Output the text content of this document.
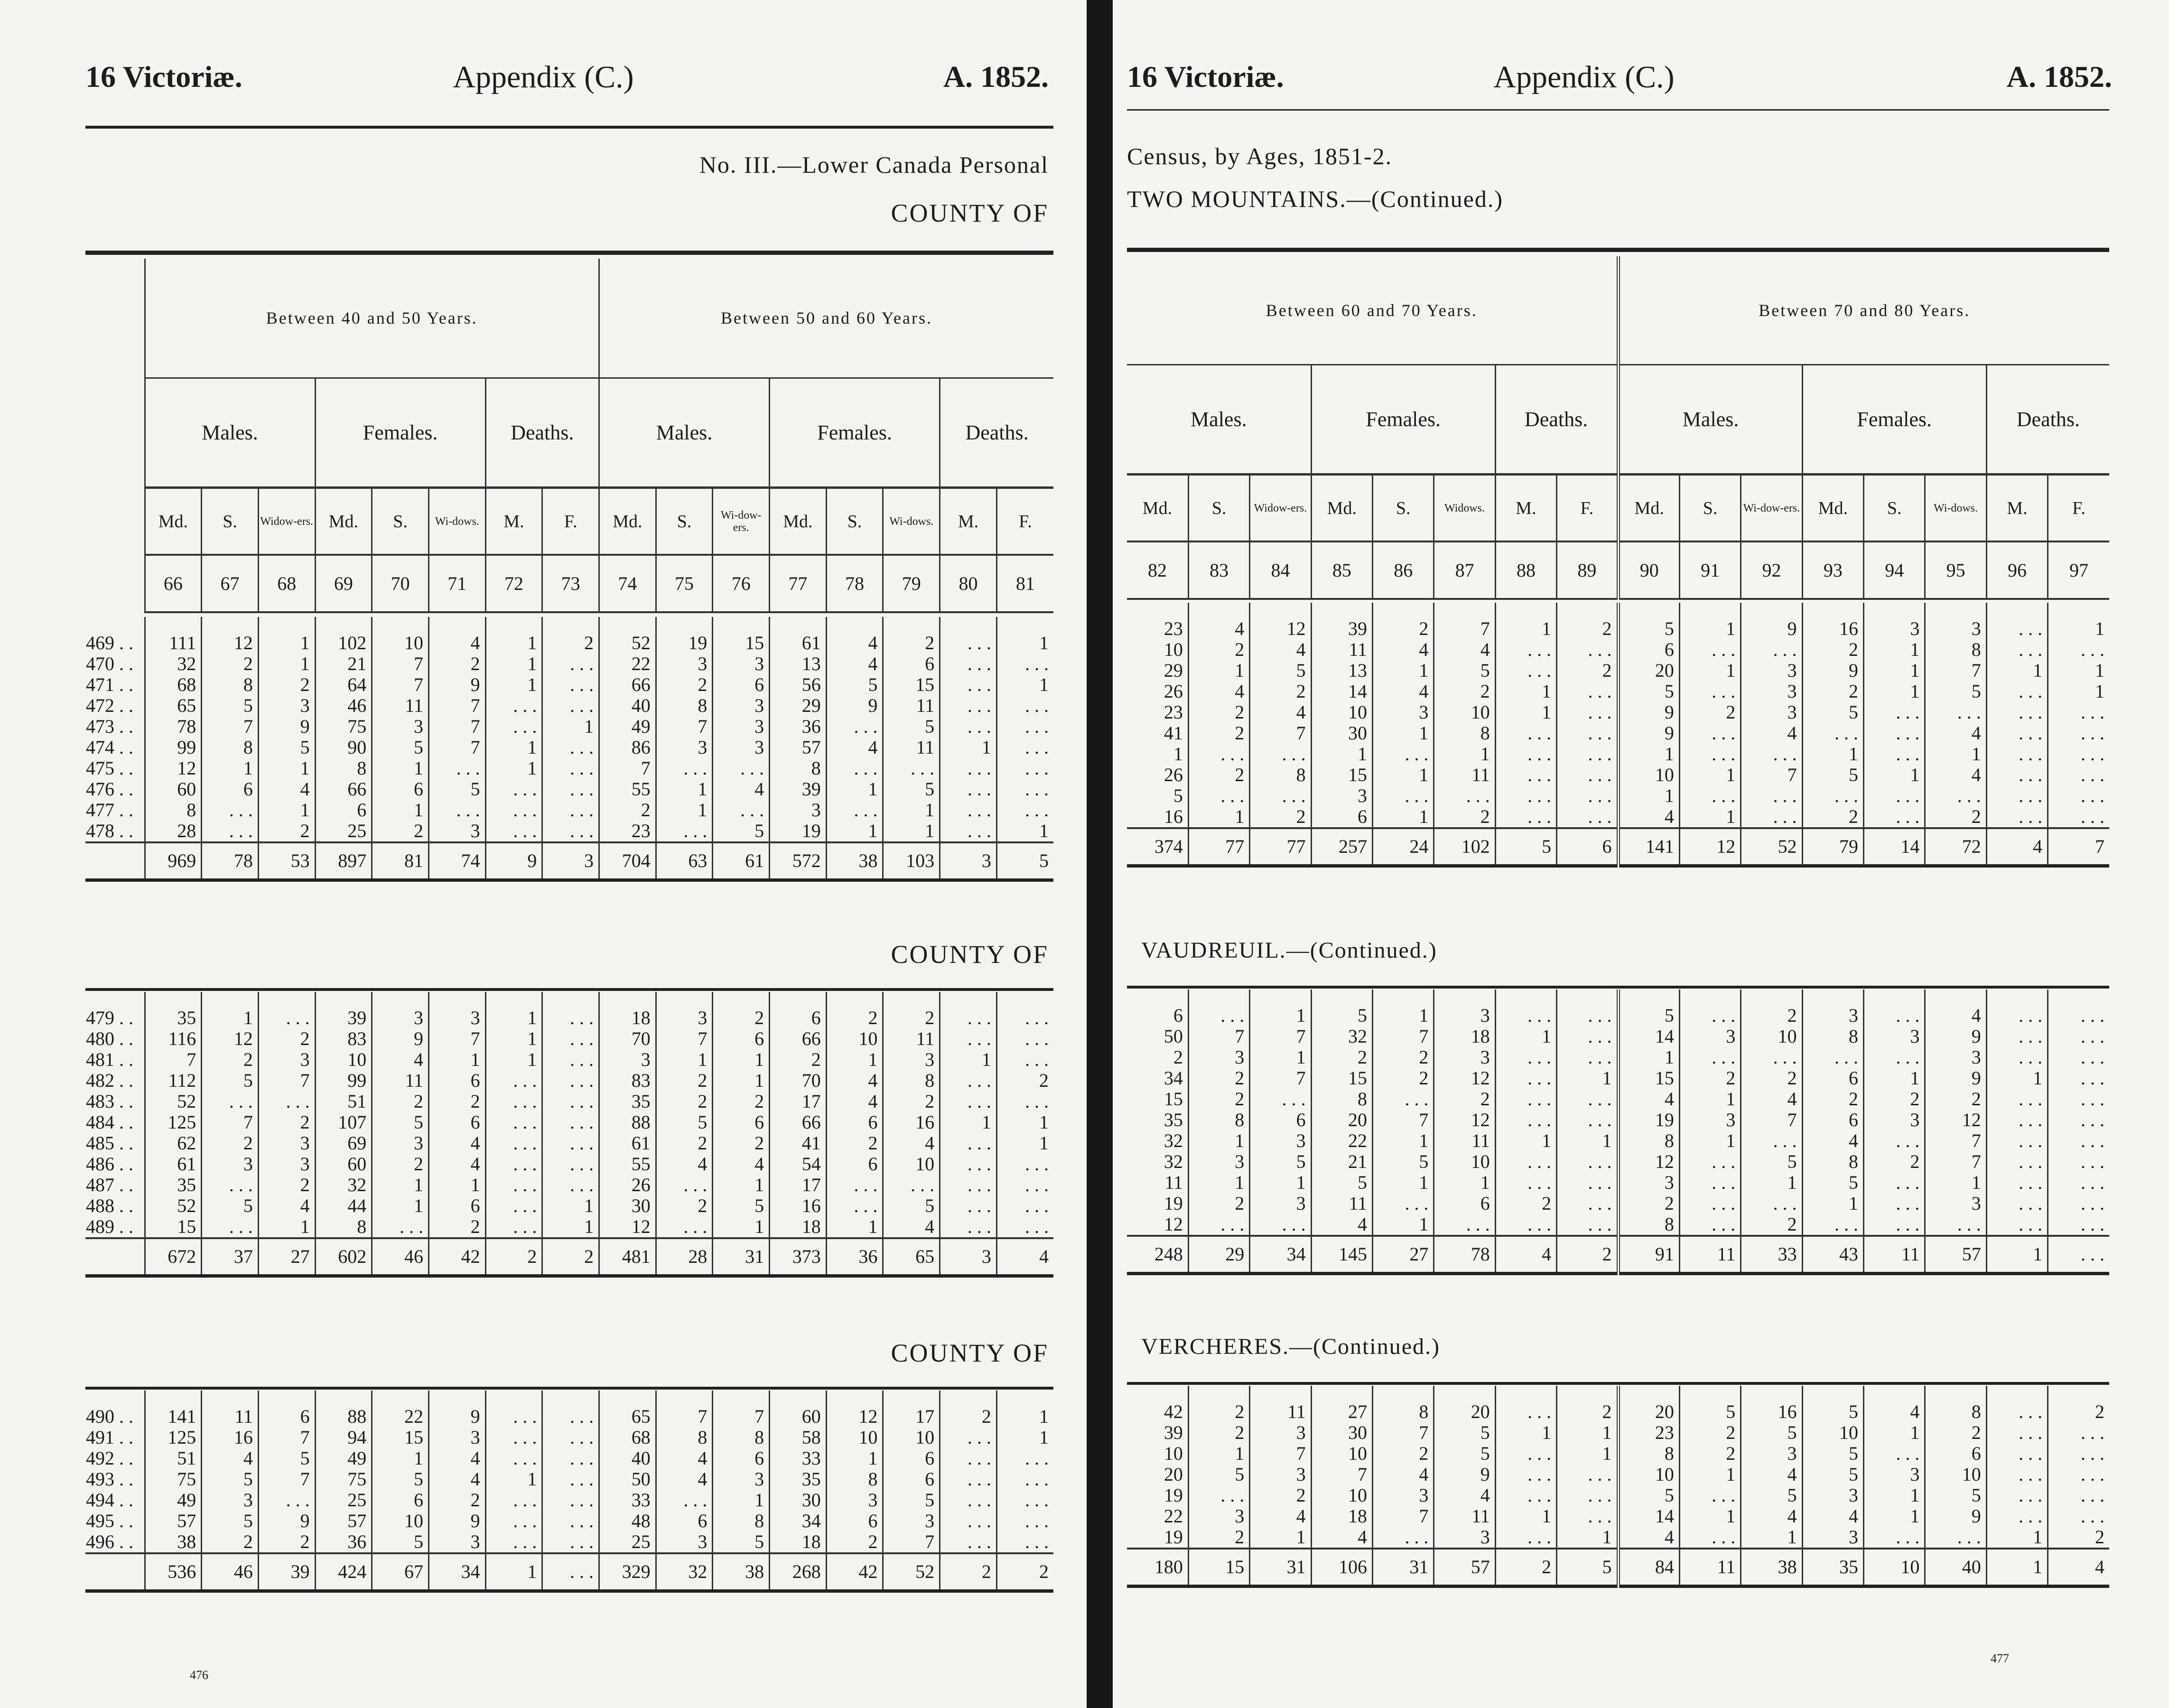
16 Victoriæ.	Appendix (C.)	A. 1852.
No. III.—Lower Canada Personal
COUNTY OF
	Between 40 and 50 Years.								Between 50 and 60 Years.							
	Males.			Females.			Deaths.		Males.			Females.			Deaths.	
	Md.	S.	Widow-ers.	Md.	S.	Wi-dows.	M.	F.	Md.	S.	Wi-dow-ers.	Md.	S.	Wi-dows.	M.	F.
	66	67	68	69	70	71	72	73	74	75	76	77	78	79	80	81
476
469 . .	111	12	1	102	10	4	1	2	52	19	15	61	4	2	. . .	1
470 . .	32	2	1	21	7	2	1	. . .	22	3	3	13	4	6	. . .	. . .
471 . .	68	8	2	64	7	9	1	. . .	66	2	6	56	5	15	. . .	1
472 . .	65	5	3	46	11	7	. . .	. . .	40	8	3	29	9	11	. . .	. . .
473 . .	78	7	9	75	3	7	. . .	1	49	7	3	36	. . .	5	. . .	. . .
474 . .	99	8	5	90	5	7	1	. . .	86	3	3	57	4	11	1	. . .
475 . .	12	1	1	8	1	. . .	1	. . .	7	. . .	. . .	8	. . .	. . .	. . .	. . .
476 . .	60	6	4	66	6	5	. . .	. . .	55	1	4	39	1	5	. . .	. . .
477 . .	8	. . .	1	6	1	. . .	. . .	. . .	2	1	. . .	3	. . .	1	. . .	. . .
478 . .	28	. . .	2	25	2	3	. . .	. . .	23	. . .	5	19	1	1	. . .	1
	969	78	53	897	81	74	9	3	704	63	61	572	38	103	3	5
COUNTY OF
479 . .	35	1	. . .	39	3	3	1	. . .	18	3	2	6	2	2	. . .	. . .
480 . .	116	12	2	83	9	7	1	. . .	70	7	6	66	10	11	. . .	. . .
481 . .	7	2	3	10	4	1	1	. . .	3	1	1	2	1	3	1	. . .
482 . .	112	5	7	99	11	6	. . .	. . .	83	2	1	70	4	8	. . .	2
483 . .	52	. . .	. . .	51	2	2	. . .	. . .	35	2	2	17	4	2	. . .	. . .
484 . .	125	7	2	107	5	6	. . .	. . .	88	5	6	66	6	16	1	1
485 . .	62	2	3	69	3	4	. . .	. . .	61	2	2	41	2	4	. . .	1
486 . .	61	3	3	60	2	4	. . .	. . .	55	4	4	54	6	10	. . .	. . .
487 . .	35	. . .	2	32	1	1	. . .	. . .	26	. . .	1	17	. . .	. . .	. . .	. . .
488 . .	52	5	4	44	1	6	. . .	1	30	2	5	16	. . .	5	. . .	. . .
489 . .	15	. . .	1	8	. . .	2	. . .	1	12	. . .	1	18	1	4	. . .	. . .
	672	37	27	602	46	42	2	2	481	28	31	373	36	65	3	4
COUNTY OF
490 . .	141	11	6	88	22	9	. . .	. . .	65	7	7	60	12	17	2	1
491 . .	125	16	7	94	15	3	. . .	. . .	68	8	8	58	10	10	. . .	1
492 . .	51	4	5	49	1	4	. . .	. . .	40	4	6	33	1	6	. . .	. . .
493 . .	75	5	7	75	5	4	1	. . .	50	4	3	35	8	6	. . .	. . .
494 . .	49	3	. . .	25	6	2	. . .	. . .	33	. . .	1	30	3	5	. . .	. . .
495 . .	57	5	9	57	10	9	. . .	. . .	48	6	8	34	6	3	. . .	. . .
496 . .	38	2	2	36	5	3	. . .	. . .	25	3	5	18	2	7	. . .	. . .
	536	46	39	424	67	34	1	. . .	329	32	38	268	42	52	2	2
16 Victoriæ.	Appendix (C.)	A. 1852.
Census, by Ages, 1851-2.
TWO MOUNTAINS.—(Continued.)
Between 60 and 70 Years.								Between 70 and 80 Years.							
Males.			Females.			Deaths.		Males.			Females.			Deaths.	
Md.	S.	Widow-ers.	Md.	S.	Widows.	M.	F.	Md.	S.	Wi-dow-ers.	Md.	S.	Wi-dows.	M.	F.
82	83	84	85	86	87	88	89	90	91	92	93	94	95	96	97
477
23	4	12	39	2	7	1	2	5	1	9	16	3	3	. . .	1
10	2	4	11	4	4	. . .	. . .	6	. . .	. . .	2	1	8	. . .	. . .
29	1	5	13	1	5	. . .	2	20	1	3	9	1	7	1	1
26	4	2	14	4	2	1	. . .	5	. . .	3	2	1	5	. . .	1
23	2	4	10	3	10	1	. . .	9	2	3	5	. . .	. . .	. . .	. . .
41	2	7	30	1	8	. . .	. . .	9	. . .	4	. . .	. . .	4	. . .	. . .
1	. . .	. . .	1	. . .	1	. . .	. . .	1	. . .	. . .	1	. . .	1	. . .	. . .
26	2	8	15	1	11	. . .	. . .	10	1	7	5	1	4	. . .	. . .
5	. . .	. . .	3	. . .	. . .	. . .	. . .	1	. . .	. . .	. . .	. . .	. . .	. . .	. . .
16	1	2	6	1	2	. . .	. . .	4	1	. . .	2	. . .	2	. . .	. . .
374	77	77	257	24	102	5	6	141	12	52	79	14	72	4	7
VAUDREUIL.—(Continued.)
6	. . .	1	5	1	3	. . .	. . .	5	. . .	2	3	. . .	4	. . .	. . .
50	7	7	32	7	18	1	. . .	14	3	10	8	3	9	. . .	. . .
2	3	1	2	2	3	. . .	. . .	1	. . .	. . .	. . .	. . .	3	. . .	. . .
34	2	7	15	2	12	. . .	1	15	2	2	6	1	9	1	. . .
15	2	. . .	8	. . .	2	. . .	. . .	4	1	4	2	2	2	. . .	. . .
35	8	6	20	7	12	. . .	. . .	19	3	7	6	3	12	. . .	. . .
32	1	3	22	1	11	1	1	8	1	. . .	4	. . .	7	. . .	. . .
32	3	5	21	5	10	. . .	. . .	12	. . .	5	8	2	7	. . .	. . .
11	1	1	5	1	1	. . .	. . .	3	. . .	1	5	. . .	1	. . .	. . .
19	2	3	11	. . .	6	2	. . .	2	. . .	. . .	1	. . .	3	. . .	. . .
12	. . .	. . .	4	1	. . .	. . .	. . .	8	. . .	2	. . .	. . .	. . .	. . .	. . .
248	29	34	145	27	78	4	2	91	11	33	43	11	57	1	. . .
VERCHERES.—(Continued.)
42	2	11	27	8	20	. . .	2	20	5	16	5	4	8	. . .	2
39	2	3	30	7	5	1	1	23	2	5	10	1	2	. . .	. . .
10	1	7	10	2	5	. . .	1	8	2	3	5	. . .	6	. . .	. . .
20	5	3	7	4	9	. . .	. . .	10	1	4	5	3	10	. . .	. . .
19	. . .	2	10	3	4	. . .	. . .	5	. . .	5	3	1	5	. . .	. . .
22	3	4	18	7	11	1	. . .	14	1	4	4	1	9	. . .	. . .
19	2	1	4	. . .	3	. . .	1	4	. . .	1	3	. . .	. . .	1	2
180	15	31	106	31	57	2	5	84	11	38	35	10	40	1	4
